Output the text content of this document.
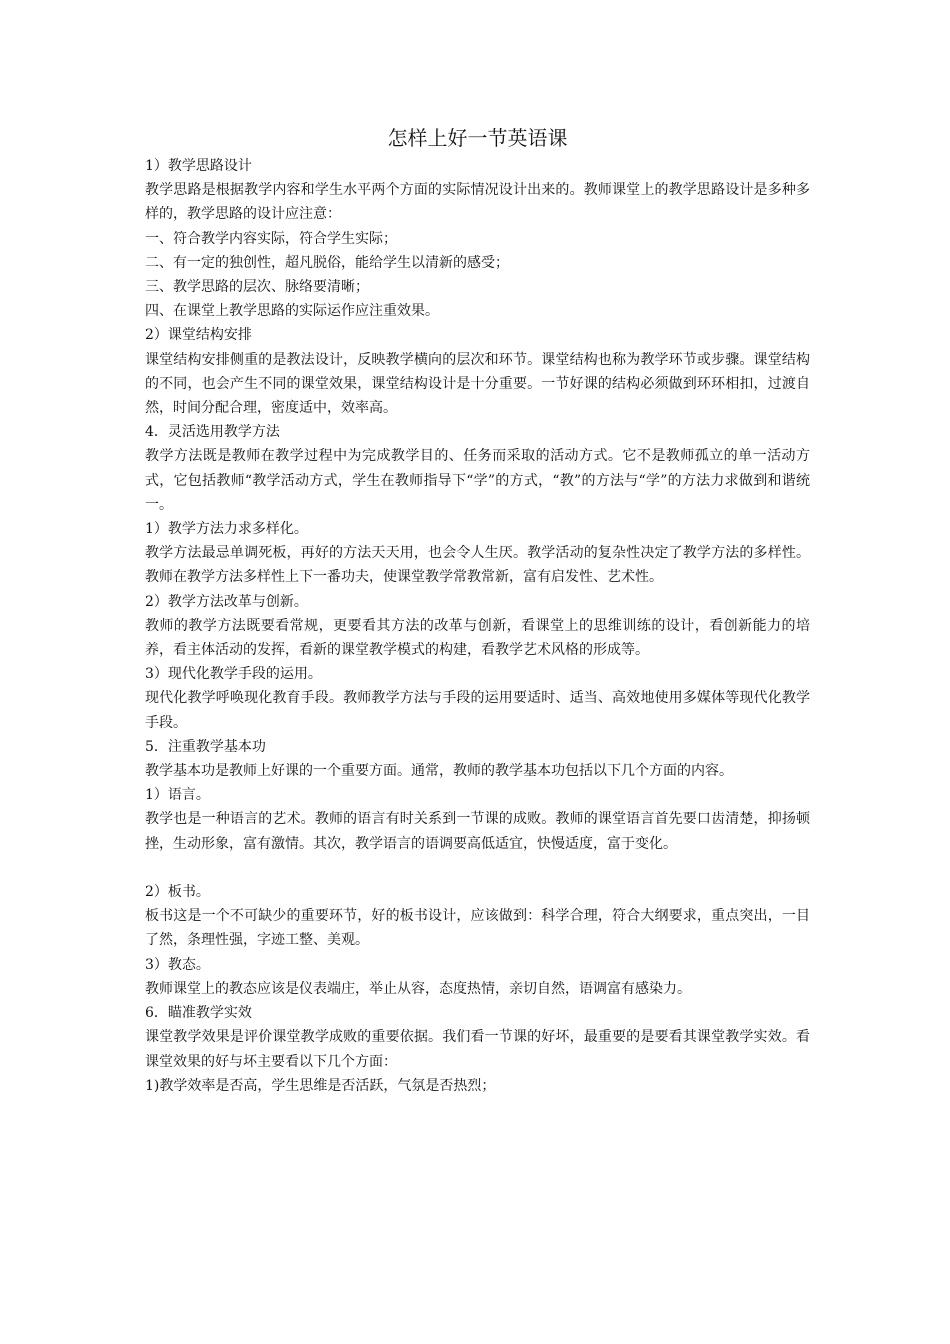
怎样上好一节英语课

1）教学思路设计

教学思路是根据教学内容和学生水平两个方面的实际情况设计出来的。教师课堂上的教学思路设计是多种多样的，教学思路的设计应注意：

一、符合教学内容实际，符合学生实际；

二、有一定的独创性，超凡脱俗，能给学生以清新的感受；

三、教学思路的层次、脉络要清晰；

四、在课堂上教学思路的实际运作应注重效果。

2）课堂结构安排

课堂结构安排侧重的是教法设计，反映教学横向的层次和环节。课堂结构也称为教学环节或步骤。课堂结构的不同，也会产生不同的课堂效果，课堂结构设计是十分重要。一节好课的结构必须做到环环相扣，过渡自然，时间分配合理，密度适中，效率高。

4．灵活选用教学方法

教学方法既是教师在教学过程中为完成教学目的、任务而采取的活动方式。它不是教师孤立的单一活动方式，它包括教师“教学活动方式，学生在教师指导下“学”的方式，“教”的方法与“学”的方法力求做到和谐统一。

1）教学方法力求多样化。

教学方法最忌单调死板，再好的方法天天用，也会令人生厌。教学活动的复杂性决定了教学方法的多样性。教师在教学方法多样性上下一番功夫，使课堂教学常教常新，富有启发性、艺术性。

2）教学方法改革与创新。

教师的教学方法既要看常规，更要看其方法的改革与创新，看课堂上的思维训练的设计，看创新能力的培养，看主体活动的发挥，看新的课堂教学模式的构建，看教学艺术风格的形成等。

3）现代化教学手段的运用。

现代化教学呼唤现化教育手段。教师教学方法与手段的运用要适时、适当、高效地使用多媒体等现代化教学手段。

5．注重教学基本功

教学基本功是教师上好课的一个重要方面。通常，教师的教学基本功包括以下几个方面的内容。

1）语言。

教学也是一种语言的艺术。教师的语言有时关系到一节课的成败。教师的课堂语言首先要口齿清楚，抑扬顿挫，生动形象，富有激情。其次，教学语言的语调要高低适宜，快慢适度，富于变化。

2）板书。

板书这是一个不可缺少的重要环节，好的板书设计，应该做到：科学合理，符合大纲要求，重点突出，一目了然，条理性强，字迹工整、美观。

3）教态。

教师课堂上的教态应该是仪表端庄，举止从容，态度热情，亲切自然，语调富有感染力。

6．瞄准教学实效

课堂教学效果是评价课堂教学成败的重要依据。我们看一节课的好坏，最重要的是要看其课堂教学实效。看课堂效果的好与坏主要看以下几个方面：

1)教学效率是否高，学生思维是否活跃，气氛是否热烈；
